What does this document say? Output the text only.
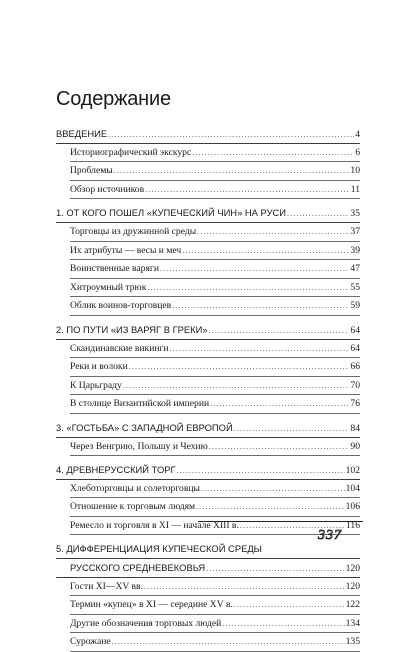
Содержание
ВВЕДЕНИЕ .....	4
Историографический экскурс .....	6
Проблемы .....	10
Обзор источников .....	11
1. ОТ КОГО ПОШЕЛ «КУПЕЧЕСКИЙ ЧИН» НА РУСИ .....	35
Торговцы из дружинной среды .....	37
Их атрибуты — весы и меч .....	39
Воинственные варяги .....	47
Хитроумный трюк .....	55
Облик воинов-торговцев .....	59
2. ПО ПУТИ «ИЗ ВАРЯГ В ГРЕКИ» .....	64
Скандинавские викинги .....	64
Реки и волоки .....	66
К Царьграду .....	70
В столице Византийской империи .....	76
3. «ГОСТЬБА» С ЗАПАДНОЙ ЕВРОПОЙ .....	84
Через Венгрию, Польшу и Чехию .....	90
4. ДРЕВНЕРУССКИЙ ТОРГ .....	102
Хлеботорговцы и солеторговцы .....	104
Отношение к торговым людям .....	106
Ремесло и торговля в XI — начале XIII в. .....	116
5. ДИФФЕРЕНЦИАЦИЯ КУПЕЧЕСКОЙ СРЕДЫ
РУССКОГО СРЕДНЕВЕКОВЬЯ .....	120
Гости XI—XV вв. .....	120
Термин «купец» в XI — середине XV в. .....	122
Другие обозначения торговых людей .....	134
Сурожане .....	135
337
